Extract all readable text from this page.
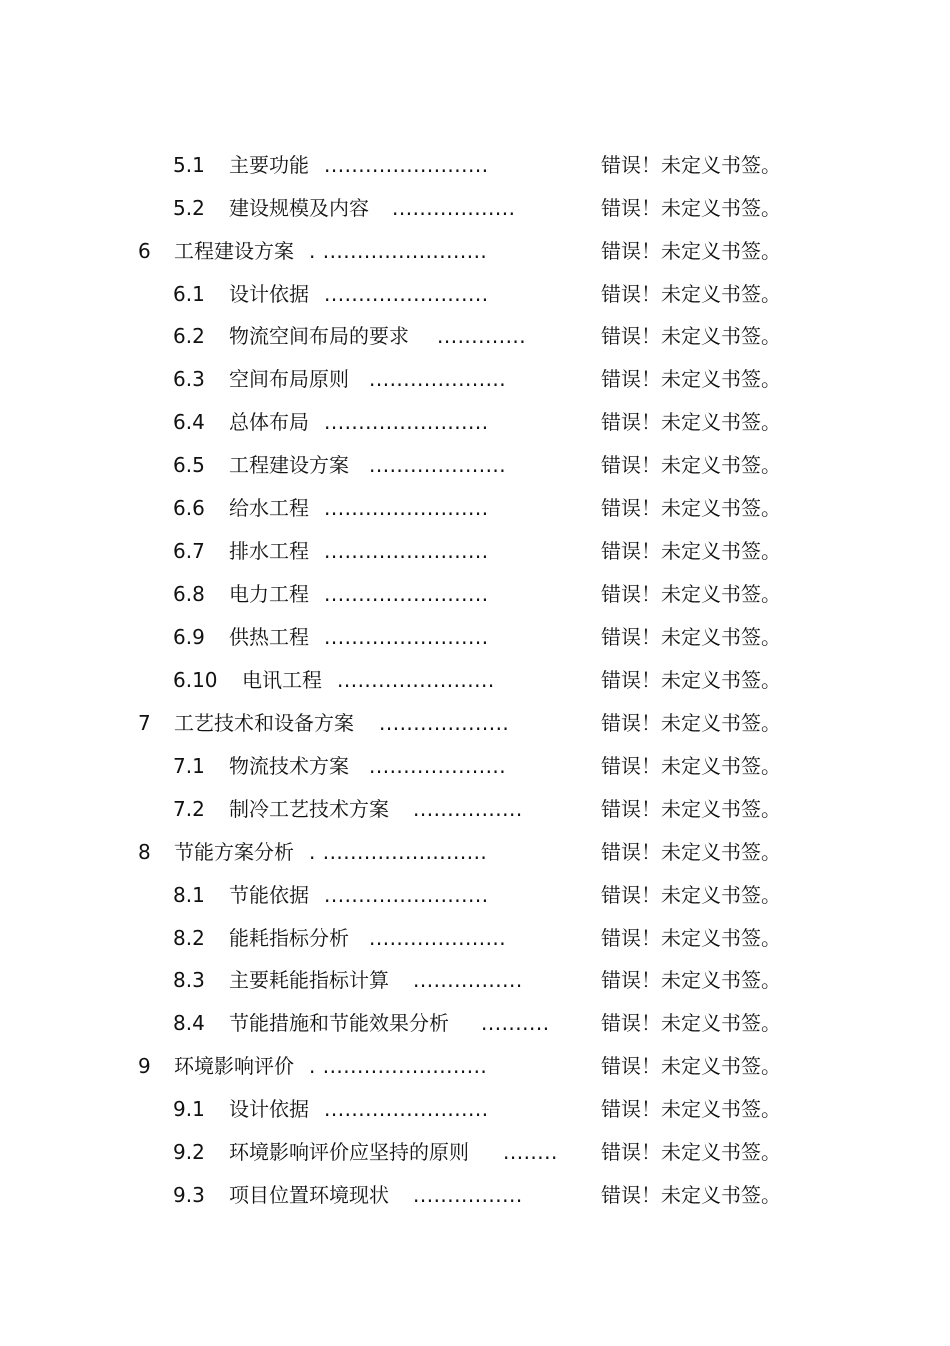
5.1 主要功能 ........................	错误！未定义书签。
5.2 建设规模及内容 ..................	错误！未定义书签。
6 工程建设方案 . ........................	错误！未定义书签。
6.1 设计依据 ........................	错误！未定义书签。
6.2 物流空间布局的要求 .............	错误！未定义书签。
6.3 空间布局原则 ....................	错误！未定义书签。
6.4 总体布局 ........................	错误！未定义书签。
6.5 工程建设方案 ....................	错误！未定义书签。
6.6 给水工程 ........................	错误！未定义书签。
6.7 排水工程 ........................	错误！未定义书签。
6.8 电力工程 ........................	错误！未定义书签。
6.9 供热工程 ........................	错误！未定义书签。
6.10 电讯工程 .......................	错误！未定义书签。
7 工艺技术和设备方案 ...................	错误！未定义书签。
7.1 物流技术方案 ....................	错误！未定义书签。
7.2 制冷工艺技术方案 ................	错误！未定义书签。
8 节能方案分析 . ........................	错误！未定义书签。
8.1 节能依据 ........................	错误！未定义书签。
8.2 能耗指标分析 ....................	错误！未定义书签。
8.3 主要耗能指标计算 ................	错误！未定义书签。
8.4 节能措施和节能效果分析 ..........	错误！未定义书签。
9 环境影响评价 . ........................	错误！未定义书签。
9.1 设计依据 ........................	错误！未定义书签。
9.2 环境影响评价应坚持的原则 ........ 错误！未定义书签。
9.3 项目位置环境现状 ................	错误！未定义书签。
